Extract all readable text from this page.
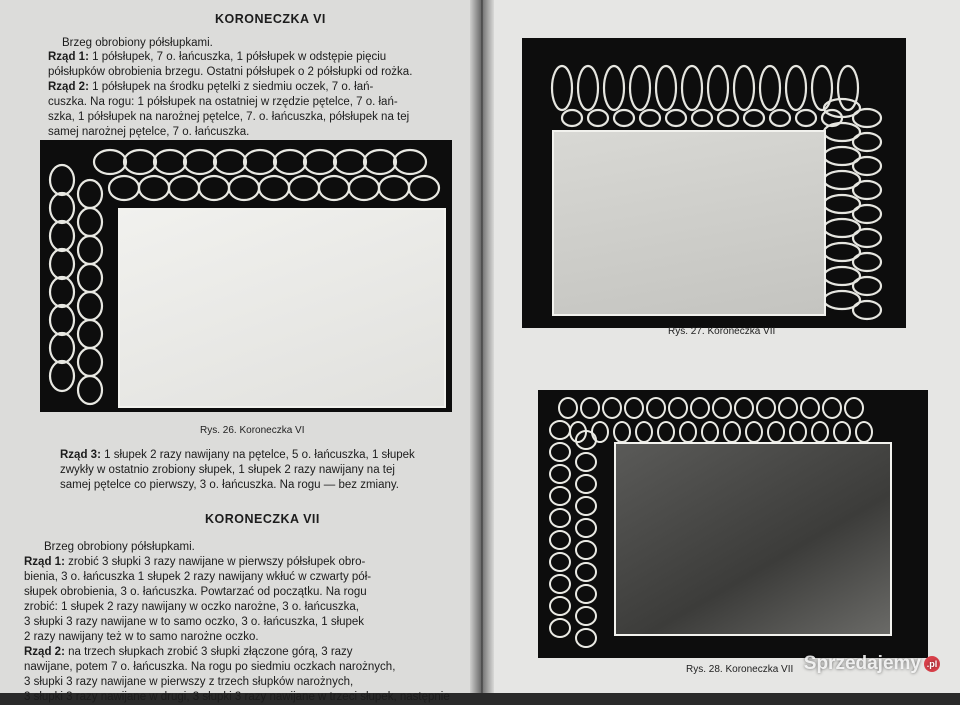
KORONECZKA VI
Brzeg obrobiony półsłupkami.
Rząd 1: 1 półsłupek, 7 o. łańcuszka, 1 półsłupek w odstępie pięciu
półsłupków obrobienia brzegu. Ostatni półsłupek o 2 półsłupki od rożka.
Rząd 2: 1 półsłupek na środku pętelki z siedmiu oczek, 7 o. łań-
cuszka. Na rogu: 1 półsłupek na ostatniej w rzędzie pętelce, 7 o. łań-
szka, 1 półsłupek na narożnej pętelce, 7. o. łańcuszka, półsłupek na tej
samej narożnej pętelce, 7 o. łańcuszka.
Rys. 26. Koroneczka VI
Rząd 3: 1 słupek 2 razy nawijany na pętelce, 5 o. łańcuszka, 1 słupek
zwykły w ostatnio zrobiony słupek, 1 słupek 2 razy nawijany na tej
samej pętelce co pierwszy, 3 o. łańcuszka. Na rogu — bez zmiany.
KORONECZKA VII
Brzeg obrobiony półsłupkami.
Rząd 1: zrobić 3 słupki 3 razy nawijane w pierwszy półsłupek obro-
bienia, 3 o. łańcuszka 1 słupek 2 razy nawijany wkłuć w czwarty pół-
słupek obrobienia, 3 o. łańcuszka. Powtarzać od początku. Na rogu
zrobić: 1 słupek 2 razy nawijany w oczko narożne, 3 o. łańcuszka,
3 słupki 3 razy nawijane w to samo oczko, 3 o. łańcuszka, 1 słupek
2 razy nawijany też w to samo narożne oczko.
Rząd 2: na trzech słupkach zrobić 3 słupki złączone górą, 3 razy
nawijane, potem 7 o. łańcuszka. Na rogu po siedmiu oczkach narożnych,
3 słupki 3 razy nawijane w pierwszy z trzech słupków narożnych,
3 słupki 3 razy nawijane w drugi, 3 słupki 3 razy nawijane w trzeci słupek, następnie
Rys. 27. Koroneczka VII
Rys. 28. Koroneczka VII Sprzedajemy .pl
